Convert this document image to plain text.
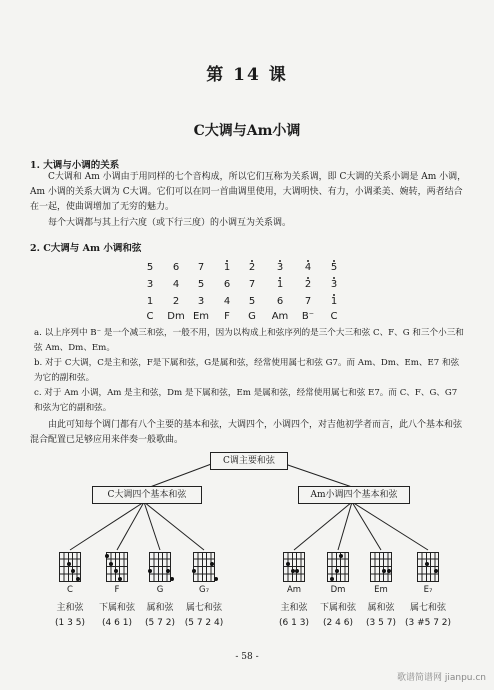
第 14 课
C大调与Am小调
1. 大调与小调的关系
C大调和 Am 小调由于用同样的七个音构成，所以它们互称为关系调，即 C大调的关系小调是 Am 小调，Am 小调的关系大调为 C大调。它们可以在同一首曲调里使用，大调明快、有力，小调柔美、婉转，两者结合在一起，使曲调增加了无穷的魅力。
每个大调都与其上行六度（或下行三度）的小调互为关系调。
2. C大调与 Am 小调和弦
5 6 7 1 2 3 4 5
3 4 5 6 7 1 2 3
1 2 3 4 5 6 7 1
C Dm Em F G Am B⁻ C
a. 以上序列中 B⁻ 是一个减三和弦，一般不用，因为以构成上和弦序列的是三个大三和弦 C、F、G 和三个小三和弦 Am、Dm、Em。
b. 对于 C大调，C是主和弦，F是下属和弦，G是属和弦，经常使用属七和弦 G7。而 Am、Dm、Em、E7 和弦为它的副和弦。
c. 对于 Am 小调，Am 是主和弦，Dm 是下属和弦，Em 是属和弦，经常使用属七和弦 E7。而 C、F、G、G7 和弦为它的副和弦。
由此可知每个调门都有八个主要的基本和弦，大调四个，小调四个，对吉他初学者而言，此八个基本和弦混合配置已足够应用来伴奏一般歌曲。
C调主要和弦
C大调四个基本和弦	Am小调四个基本和弦
C
主和弦
(1 3 5)
F
下属和弦
(4 6 1)
G
属和弦
(5 7 2)
G₇
属七和弦
(5 7 2 4)
Am
主和弦
(6 1 3)
Dm
下属和弦
(2 4 6)
Em
属和弦
(3 5 7)
E₇
属七和弦
(3 #5 7 2)
- 58 -
歌谱简谱网 jianpu.cn
